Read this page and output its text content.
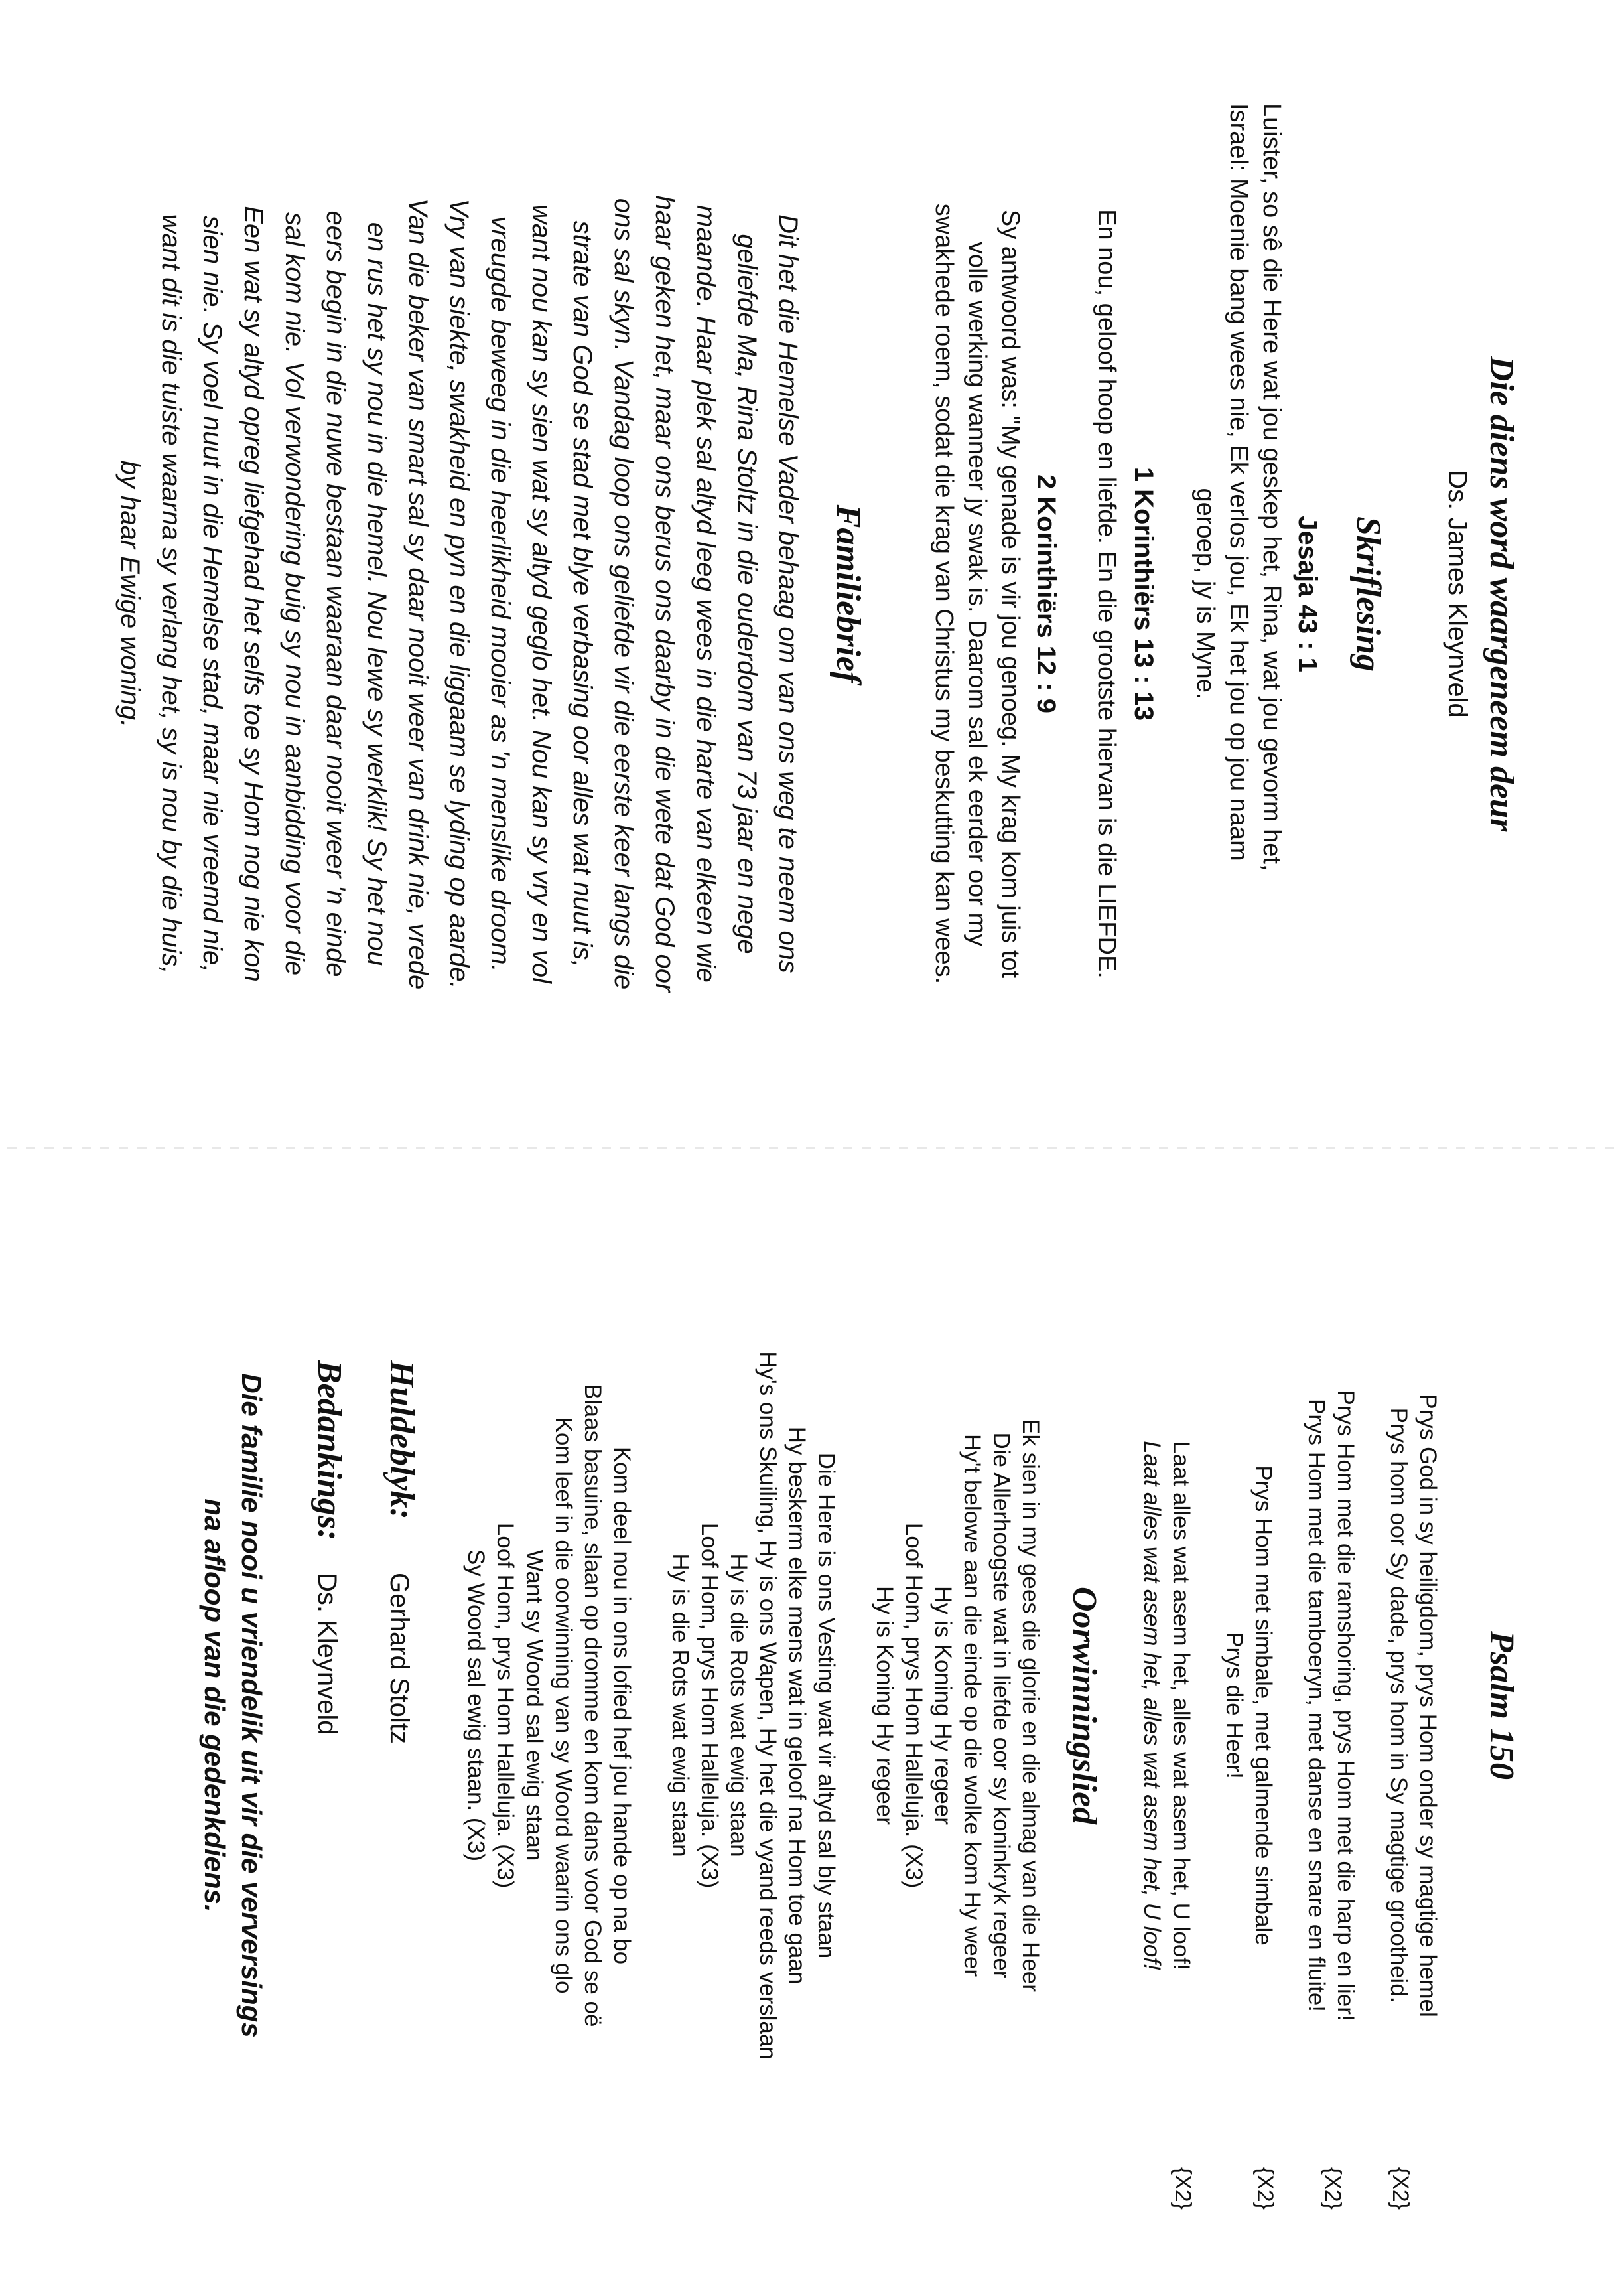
Die diens word waargeneem deur
Ds. James Kleynveld
Skriflesing
Jesaja 43 : 1
Luister, so sê die Here wat jou geskep het, Rina, wat jou gevorm het,
Israel: Moenie bang wees nie, Ek verlos jou, Ek het jou op jou naam
geroep, jy is Myne.
1 Korinthiërs 13 : 13
En nou, geloof hoop en liefde. En die grootste hiervan is die LIEFDE.
2 Korinthiërs 12 : 9
Sy antwoord was: "My genade is vir jou genoeg. My krag kom juis tot
volle werking wanneer jy swak is. Daarom sal ek eerder oor my
swakhede roem, sodat die krag van Christus my beskutting kan wees.
Familiebrief
Dit het die Hemelse Vader behaag om van ons weg te neem ons
geliefde Ma, Rina Stoltz in die ouderdom van 73 jaar en nege
maande. Haar plek sal altyd leeg wees in die harte van elkeen wie
haar geken het, maar ons berus ons daarby in die wete dat God oor
ons sal skyn. Vandag loop ons geliefde vir die eerste keer langs die
strate van God se stad met blye verbasing oor alles wat nuut is,
want nou kan sy sien wat sy altyd geglo het. Nou kan sy vry en vol
vreugde beweeg in die heerlikheid mooier as 'n menslike droom.
Vry van siekte, swakheid en pyn en die liggaam se lyding op aarde.
Van die beker van smart sal sy daar nooit weer van drink nie, vrede
en rus het sy nou in die hemel. Nou lewe sy werklik! Sy het nou
eers begin in die nuwe bestaan waaraan daar nooit weer 'n einde
sal kom nie. Vol verwondering buig sy nou in aanbidding voor die
Een wat sy altyd opreg liefgehad het selfs toe sy Hom nog nie kon
sien nie. Sy voel nuut in die Hemelse stad, maar nie vreemd nie,
want dit is die tuiste waarna sy verlang het, sy is nou by die huis,
by haar Ewige woning.
Psalm 150
Prys God in sy heiligdom, prys Hom onder sy magtige hemel
Prys hom oor Sy dade, prys hom in Sy magtige grootheid.
{X2}
Prys Hom met die ramshoring, prys Hom met die harp en lier!
Prys Hom met die tamboeryn, met danse en snare en fluite!
{X2}
Prys Hom met simbale, met galmende simbale
Prys die Heer!
{X2}
Laat alles wat asem het, alles wat asem het, U loof!
Laat alles wat asem het, alles wat asem het, U loof!
{X2}
Oorwinningslied
Ek sien in my gees die glorie en die almag van die Heer
Die Allerhoogste wat in liefde oor sy koninkryk regeer
Hy't belowe aan die einde op die wolke kom Hy weer
Hy is Koning Hy regeer
Loof Hom, prys Hom Halleluja. (X3)
Hy is Koning Hy regeer
Die Here is ons Vesting wat vir altyd sal bly staan
Hy beskerm elke mens wat in geloof na Hom toe gaan
Hy's ons Skuiling, Hy is ons Wapen, Hy het die vyand reeds verslaan
Hy is die Rots wat ewig staan
Loof Hom, prys Hom Halleluja. (X3)
Hy is die Rots wat ewig staan
Kom deel nou in ons lofied hef jou hande op na bo
Blaas basuine, slaan op dromme en kom dans voor God se oë
Kom leef in die oorwinning van sy Woord waarin ons glo
Want sy Woord sal ewig staan
Loof Hom, prys Hom Halleluja. (X3)
Sy Woord sal ewig staan. (X3)
Huldeblyk:
Gerhard Stoltz
Bedankings:
Ds. Kleynveld
Die familie nooi u vriendelik uit vir die verversings
na afloop van die gedenkdiens.
